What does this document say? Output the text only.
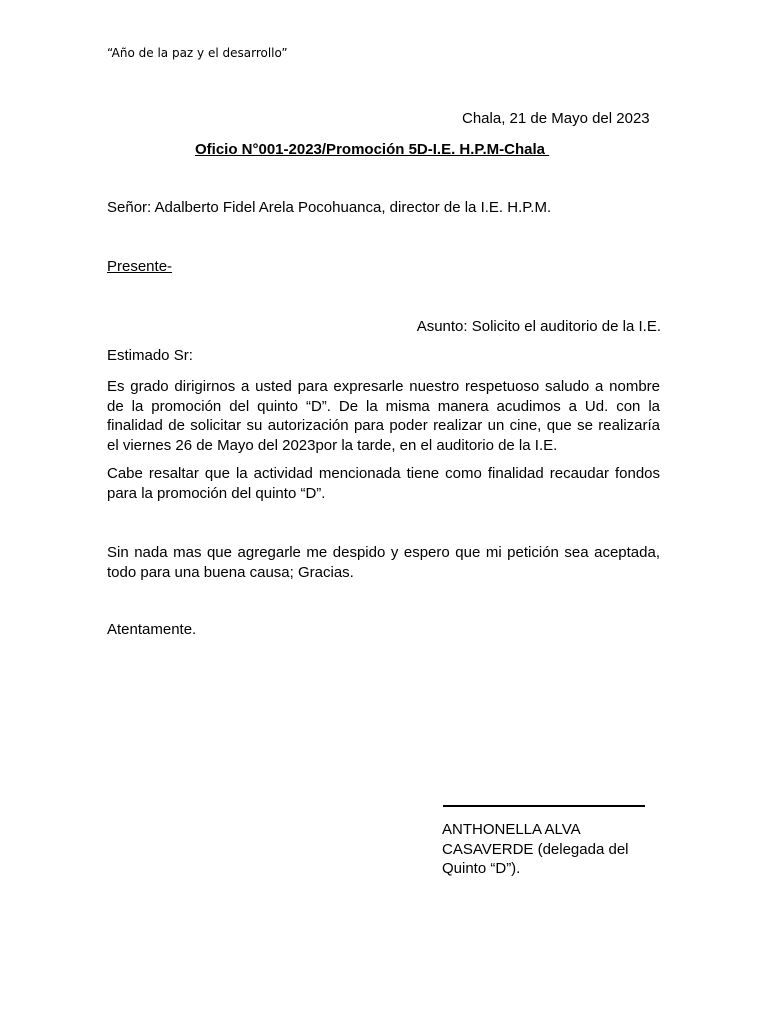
“Año de la paz y el desarrollo”
Chala, 21 de Mayo del 2023
Oficio N°001-2023/Promoción 5D-I.E. H.P.M-Chala
Señor: Adalberto Fidel Arela Pocohuanca, director de la I.E. H.P.M.
Presente-
Asunto: Solicito el auditorio de la I.E.
Estimado Sr:

Es grado dirigirnos a usted para expresarle nuestro respetuoso saludo a nombre de la promoción del quinto “D”. De la misma manera acudimos a Ud. con la finalidad de solicitar su autorización para poder realizar un cine, que se realizaría el viernes 26 de Mayo del 2023por la tarde, en el auditorio de la I.E.

Cabe resaltar que la actividad mencionada tiene como finalidad recaudar fondos para la promoción del quinto “D”.

Sin nada mas que agregarle me despido y espero que mi petición sea aceptada, todo para una buena causa; Gracias.

Atentamente.
ANTHONELLA ALVA CASAVERDE (delegada del Quinto “D”).
